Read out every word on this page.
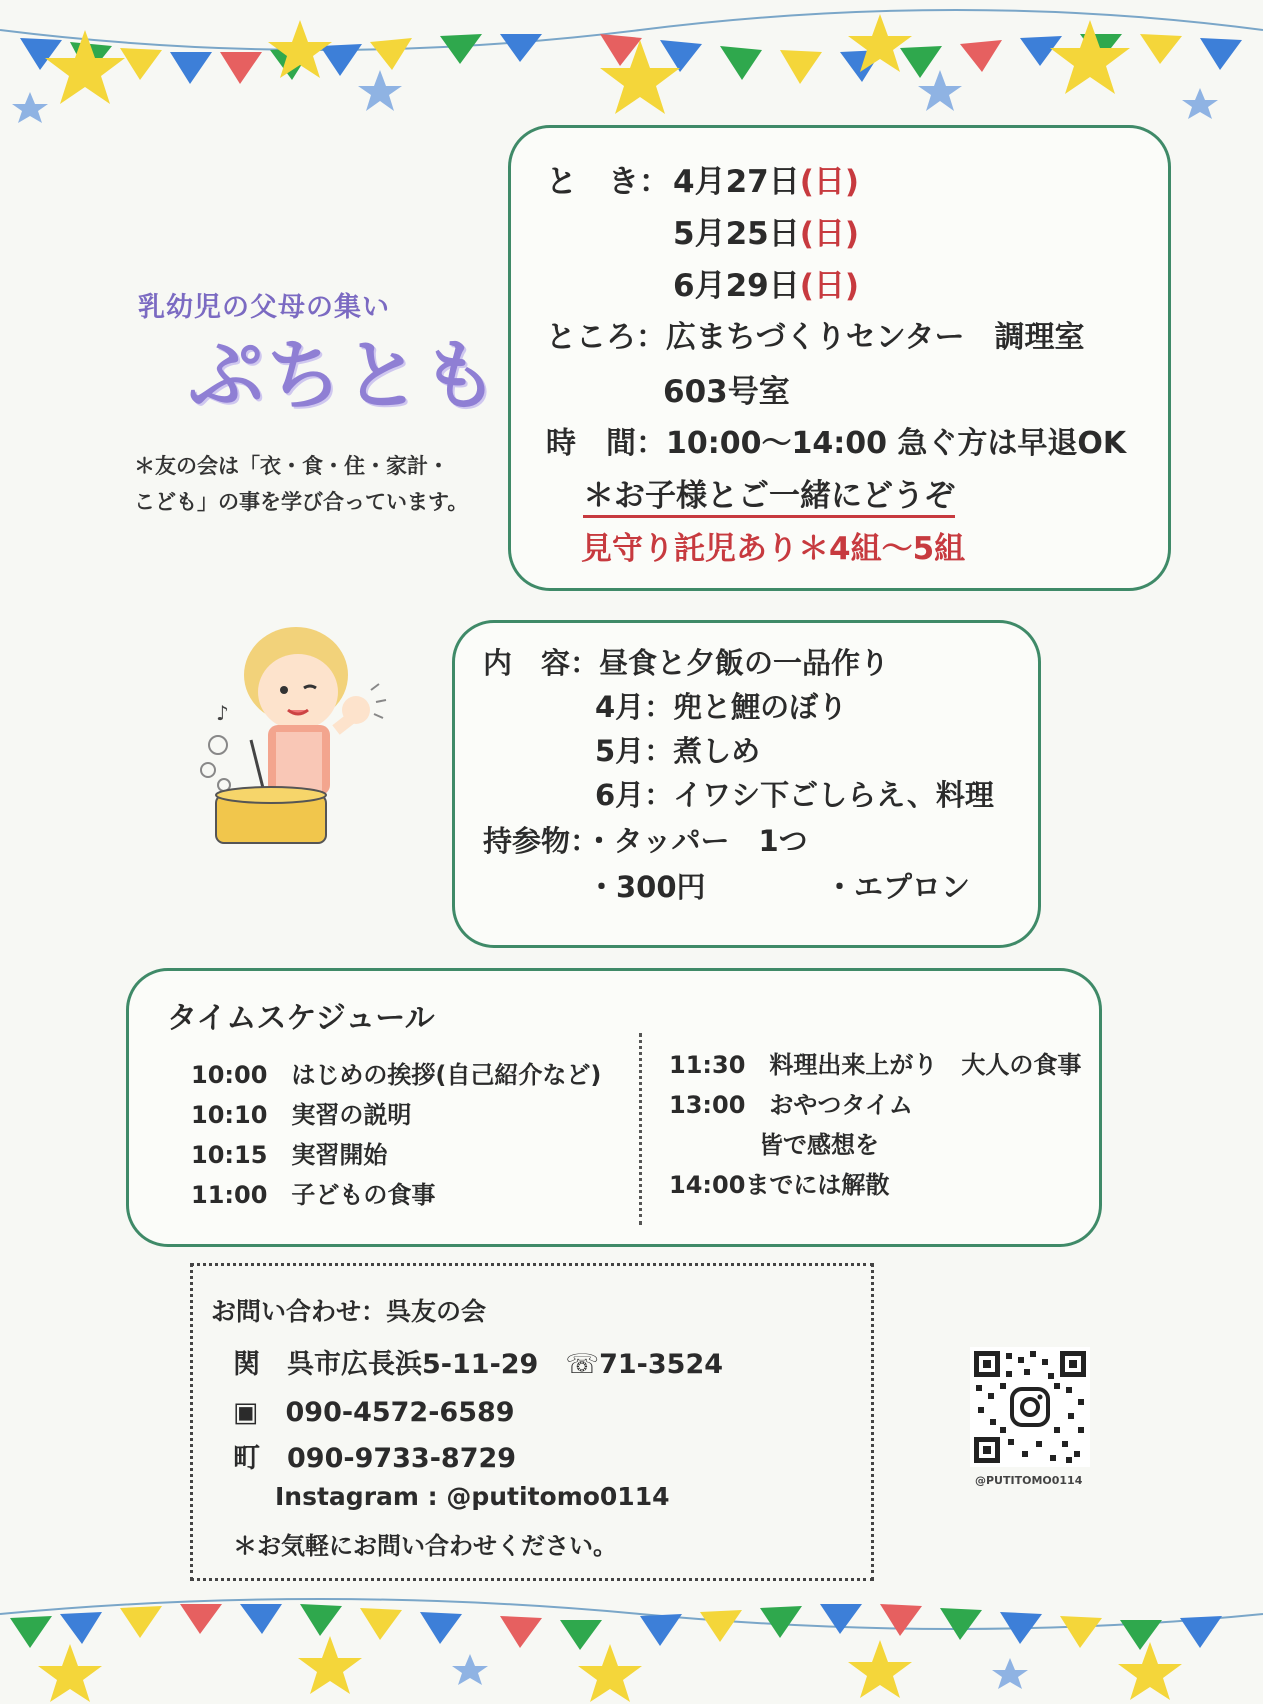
乳幼児の父母の集い
ぷちとも
＊友の会は「衣・食・住・家計・
こども」の事を学び合っています。
と　き： 4月27日(日)
5月25日(日)
6月29日(日)
ところ：広まちづくりセンター　調理室
603号室
時　間：10:00〜14:00 急ぐ方は早退OK
＊お子様とご一緒にどうぞ
見守り託児あり＊4組〜5組
♪
内　容：昼食と夕飯の一品作り
4月：兜と鯉のぼり
5月：煮しめ
6月：イワシ下ごしらえ、料理
持参物：・タッパー　1つ
・300円	・エプロン
タイムスケジュール
10:00　はじめの挨拶(自己紹介など)
10:10　実習の説明
10:15　実習開始
11:00　子どもの食事
11:30　料理出来上がり　大人の食事
13:00　おやつタイム
皆で感想を
14:00までには解散
お問い合わせ：呉友の会
関　呉市広長浜5-11-29　☏71-3524
▣　090-4572-6589
町　090-9733-8729
Instagram : @putitomo0114
＊お気軽にお問い合わせください。
@PUTITOMO0114
